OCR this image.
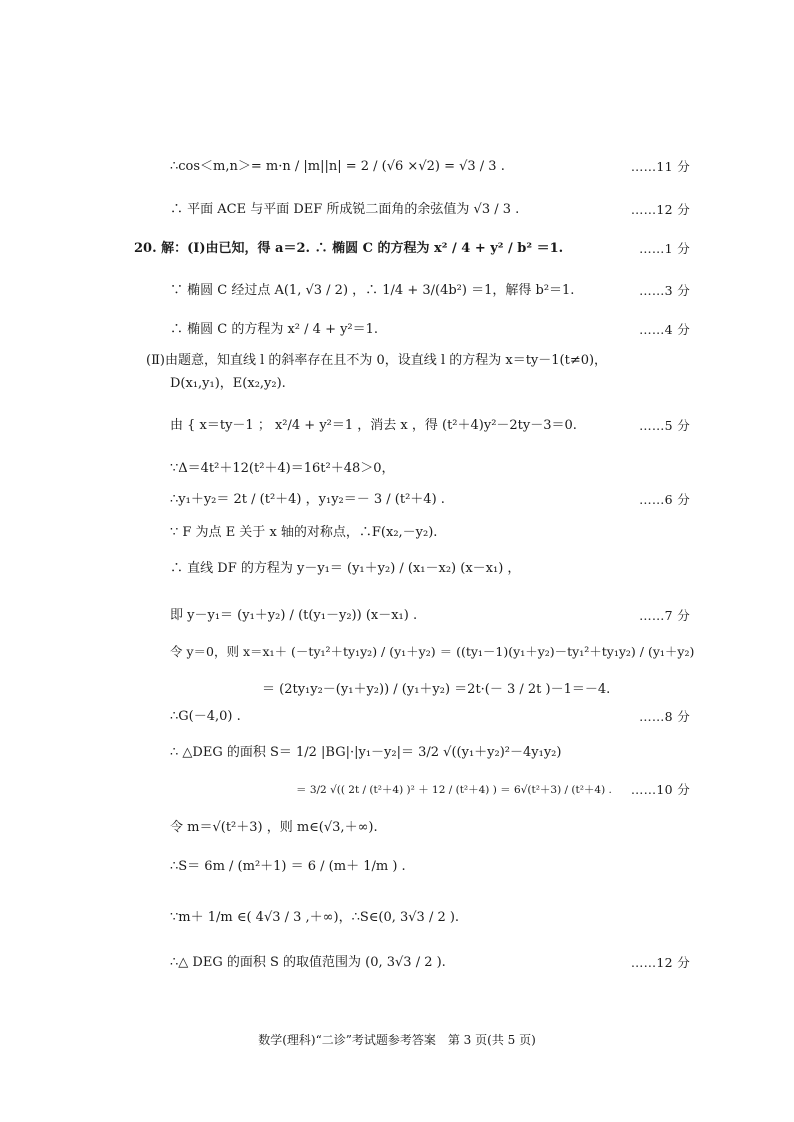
∴cos＜m,n＞= m·n / |m||n| = 2 / (√6 ×√2) = √3 / 3 .	……11 分
∴ 平面 ACE 与平面 DEF 所成锐二面角的余弦值为 √3 / 3 .	……12 分
20. 解：(Ⅰ)由已知，得 a＝2. ∴ 椭圆 C 的方程为 x² / 4 + y² / b² ＝1.	……1 分
∵ 椭圆 C 经过点 A(1, √3 / 2) ，∴ 1/4 + 3/(4b²) ＝1，解得 b²＝1.	……3 分
∴ 椭圆 C 的方程为 x² / 4 + y²＝1.	……4 分
(Ⅱ)由题意，知直线 l 的斜率存在且不为 0，设直线 l 的方程为 x＝ty－1(t≠0)，
D(x₁,y₁)，E(x₂,y₂).
由 { x＝ty－1 ； x²/4 + y²＝1 ，消去 x ，得 (t²＋4)y²－2ty－3＝0.	……5 分
∵Δ＝4t²＋12(t²＋4)＝16t²＋48＞0，
∴y₁＋y₂＝ 2t / (t²＋4) ，y₁y₂＝－ 3 / (t²＋4) .	……6 分
∵ F 为点 E 关于 x 轴的对称点，∴F(x₂,－y₂).
∴ 直线 DF 的方程为 y－y₁＝ (y₁＋y₂) / (x₁－x₂) (x－x₁) ，
即 y－y₁＝ (y₁＋y₂) / (t(y₁－y₂)) (x－x₁) .	……7 分
令 y＝0，则 x＝x₁＋ (－ty₁²＋ty₁y₂) / (y₁＋y₂) ＝ ((ty₁－1)(y₁＋y₂)－ty₁²＋ty₁y₂) / (y₁＋y₂)
＝ (2ty₁y₂－(y₁＋y₂)) / (y₁＋y₂) ＝2t·(－ 3 / 2t )－1＝－4.
∴G(－4,0) .	……8 分
∴ △DEG 的面积 S＝ 1/2 |BG|·|y₁－y₂|＝ 3/2 √((y₁＋y₂)²－4y₁y₂)
＝ 3/2 √(( 2t / (t²＋4) )² ＋ 12 / (t²＋4) ) ＝ 6√(t²＋3) / (t²＋4) . ……10 分
令 m＝√(t²＋3) ，则 m∈(√3,＋∞).
∴S＝ 6m / (m²＋1) ＝ 6 / (m＋ 1/m ) .
∵m＋ 1/m ∈( 4√3 / 3 ,＋∞)，∴S∈(0, 3√3 / 2 ).
∴△ DEG 的面积 S 的取值范围为 (0, 3√3 / 2 ).	……12 分
数学(理科)“二诊”考试题参考答案　第 3 页(共 5 页)
